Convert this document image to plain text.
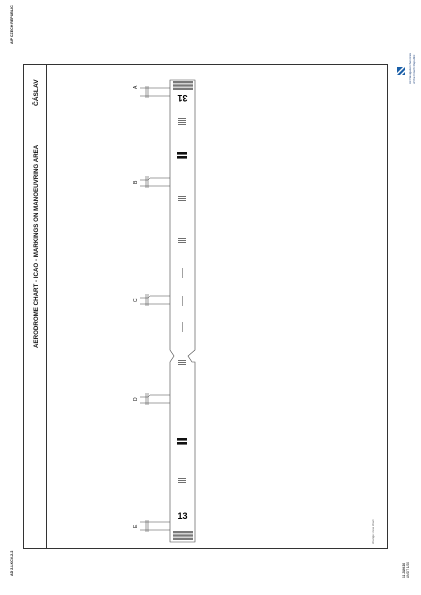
AIP CZECH REPUBLIC
AD 2-LKCV-2-2	11 JUN 20 AMDT 1/20
Air Navigation Services of the Czech Republic
AERODROME CHART - ICAO - MARKINGS ON MANOEUVRING AREA
ČÁSLAV
change: new chart
31
13
A
B
C
D
E
